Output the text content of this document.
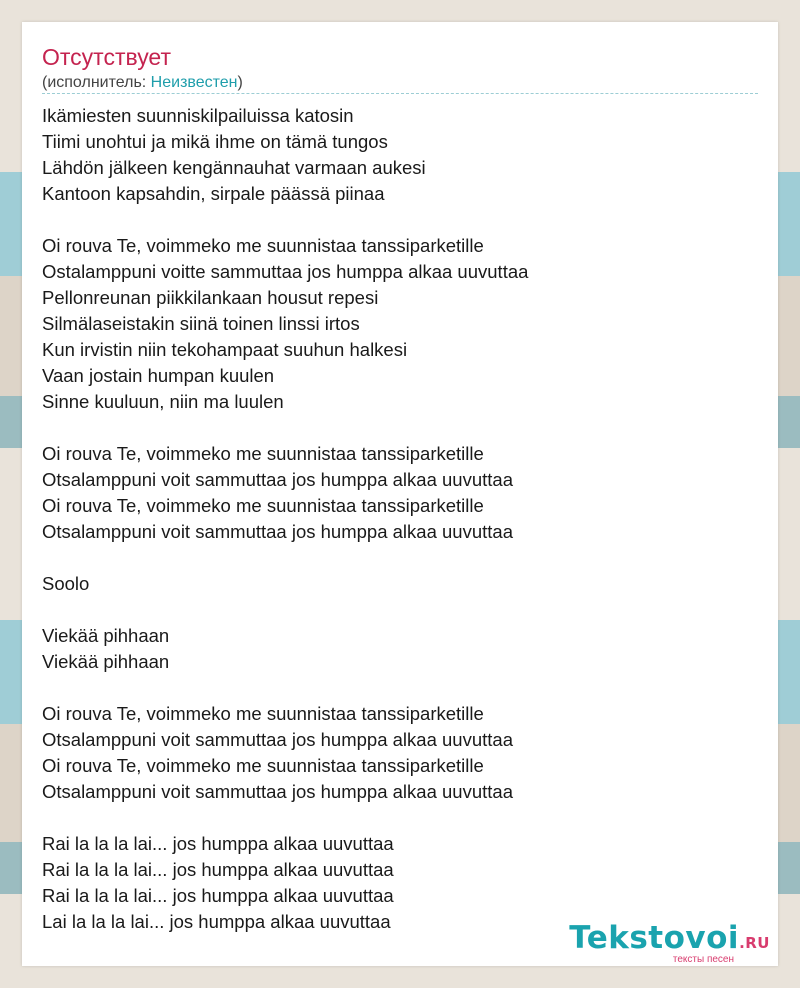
Отсутствует
(исполнитель: Неизвестен)
Ikämiesten suunniskilpailuissa katosin
Tiimi unohtui ja mikä ihme on tämä tungos
Lähdön jälkeen kengännauhat varmaan aukesi
Kantoon kapsahdin, sirpale päässä piinaa
Oi rouva Te, voimmeko me suunnistaa tanssiparketille
Ostalamppuni voitte sammuttaa jos humppa alkaa uuvuttaa
Pellonreunan piikkilankaan housut repesi
Silmälaseistakin siinä toinen linssi irtos
Kun irvistin niin tekohampaat suuhun halkesi
Vaan jostain humpan kuulen
Sinne kuuluun, niin ma luulen
Oi rouva Te, voimmeko me suunnistaa tanssiparketille
Otsalamppuni voit sammuttaa jos humppa alkaa uuvuttaa
Oi rouva Te, voimmeko me suunnistaa tanssiparketille
Otsalamppuni voit sammuttaa jos humppa alkaa uuvuttaa
Soolo
Viekää pihhaan
Viekää pihhaan
Oi rouva Te, voimmeko me suunnistaa tanssiparketille
Otsalamppuni voit sammuttaa jos humppa alkaa uuvuttaa
Oi rouva Te, voimmeko me suunnistaa tanssiparketille
Otsalamppuni voit sammuttaa jos humppa alkaa uuvuttaa
Rai la la la lai... jos humppa alkaa uuvuttaa
Rai la la la lai... jos humppa alkaa uuvuttaa
Rai la la la lai... jos humppa alkaa uuvuttaa
Lai la la la lai... jos humppa alkaa uuvuttaa	Tekstovoi.RU
тексты песен
